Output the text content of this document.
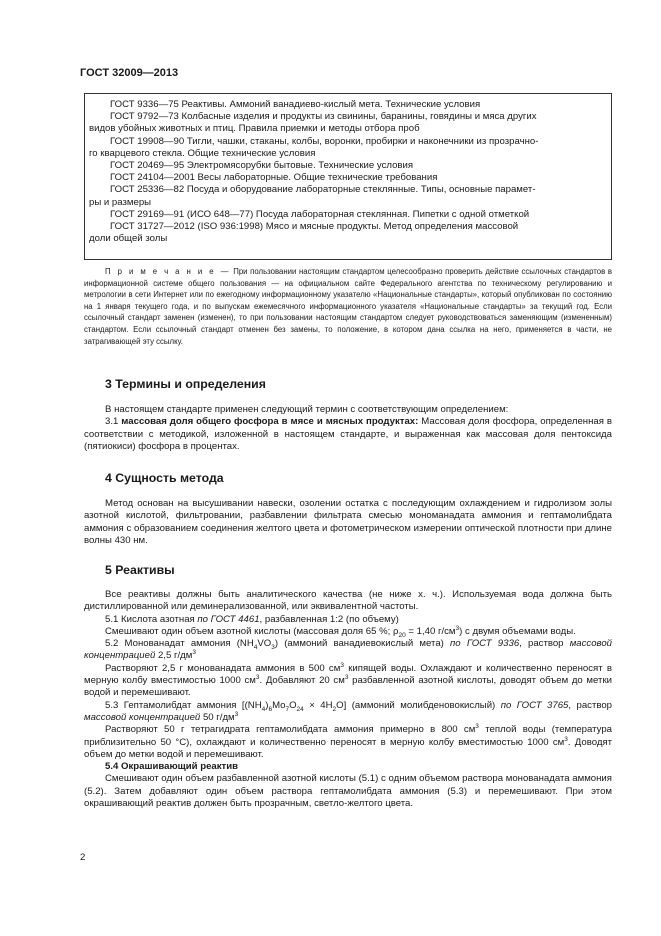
ГОСТ 32009—2013
ГОСТ 9336—75 Реактивы. Аммоний ванадиево-кислый мета. Технические условия
ГОСТ 9792—73 Колбасные изделия и продукты из свинины, баранины, говядины и мяса других
видов убойных животных и птиц. Правила приемки и методы отбора проб
ГОСТ 19908—90 Тигли, чашки, стаканы, колбы, воронки, пробирки и наконечники из прозрачно-
го кварцевого стекла. Общие технические условия
ГОСТ 20469—95 Электромясорубки бытовые. Технические условия
ГОСТ 24104—2001 Весы лабораторные. Общие технические требования
ГОСТ 25336—82 Посуда и оборудование лабораторные стеклянные. Типы, основные парамет-
ры и размеры
ГОСТ 29169—91 (ИСО 648—77) Посуда лабораторная стеклянная. Пипетки с одной отметкой
ГОСТ 31727—2012 (ISO 936:1998) Мясо и мясные продукты. Метод определения массовой
доли общей золы
П р и м е ч а н и е — При пользовании настоящим стандартом целесообразно проверить действие ссылочных стандартов в информационной системе общего пользования — на официальном сайте Федерального агентства по техническому регулированию и метрологии в сети Интернет или по ежегодному информационному указателю «Национальные стандарты», который опубликован по состоянию на 1 января текущего года, и по выпускам ежемесячного информационного указателя «Национальные стандарты» за текущий год. Если ссылочный стандарт заменен (изменен), то при пользовании настоящим стандартом следует руководствоваться заменяющим (измененным) стандартом. Если ссылочный стандарт отменен без замены, то положение, в котором дана ссылка на него, применяется в части, не затрагивающей эту ссылку.
3 Термины и определения

В настоящем стандарте применен следующий термин с соответствующим определением:

3.1 массовая доля общего фосфора в мясе и мясных продуктах: Массовая доля фосфора, определенная в соответствии с методикой, изложенной в настоящем стандарте, и выраженная как массовая доля пентоксида (пятиокиси) фосфора в процентах.

4 Сущность метода

Метод основан на высушивании навески, озолении остатка с последующим охлаждением и гидролизом золы азотной кислотой, фильтровании, разбавлении фильтрата смесью мономанадата аммония и гептамолибдата аммония с образованием соединения желтого цвета и фотометрическом измерении оптической плотности при длине волны 430 нм.

5 Реактивы

Все реактивы должны быть аналитического качества (не ниже х. ч.). Используемая вода должна быть дистиллированной или деминерализованной, или эквивалентной частоты.

5.1 Кислота азотная по ГОСТ 4461, разбавленная 1:2 (по объему)

Смешивают один объем азотной кислоты (массовая доля 65 %; $\rho_{20} = 1,40$ $г/см^3$) с двумя объемами воды.

5.2 Монованадат аммония $(NH_4VO_3)$ (аммоний ванадиевокислый мета) по ГОСТ 9336, раствор массовой концентрацией 2,5 $г/дм^3$

Растворяют 2,5 г монованадата аммония в 500 $см^3$ кипящей воды. Охлаждают и количественно переносят в мерную колбу вместимостью 1000 $см^3$. Добавляют 20 $см^3$ разбавленной азотной кислоты, доводят объем до метки водой и перемешивают.

5.3 Гептамолибдат аммония $[(NH_4)_6Mo_7O_{24} \times 4H_2O]$ (аммоний молибденовокислый) по ГОСТ 3765, раствор массовой концентрацией 50 $г/дм^3$

Растворяют 50 г тетрагидрата гептамолибдата аммония примерно в 800 $см^3$ теплой воды (температура приблизительно 50 °С), охлаждают и количественно переносят в мерную колбу вместимостью 1000 $см^3$. Доводят объем до метки водой и перемешивают.

5.4 Окрашивающий реактив

Смешивают один объем разбавленной азотной кислоты (5.1) с одним объемом раствора монованадата аммония (5.2). Затем добавляют один объем раствора гептамолибдата аммония (5.3) и перемешивают. При этом окрашивающий реактив должен быть прозрачным, светло-желтого цвета.

2
